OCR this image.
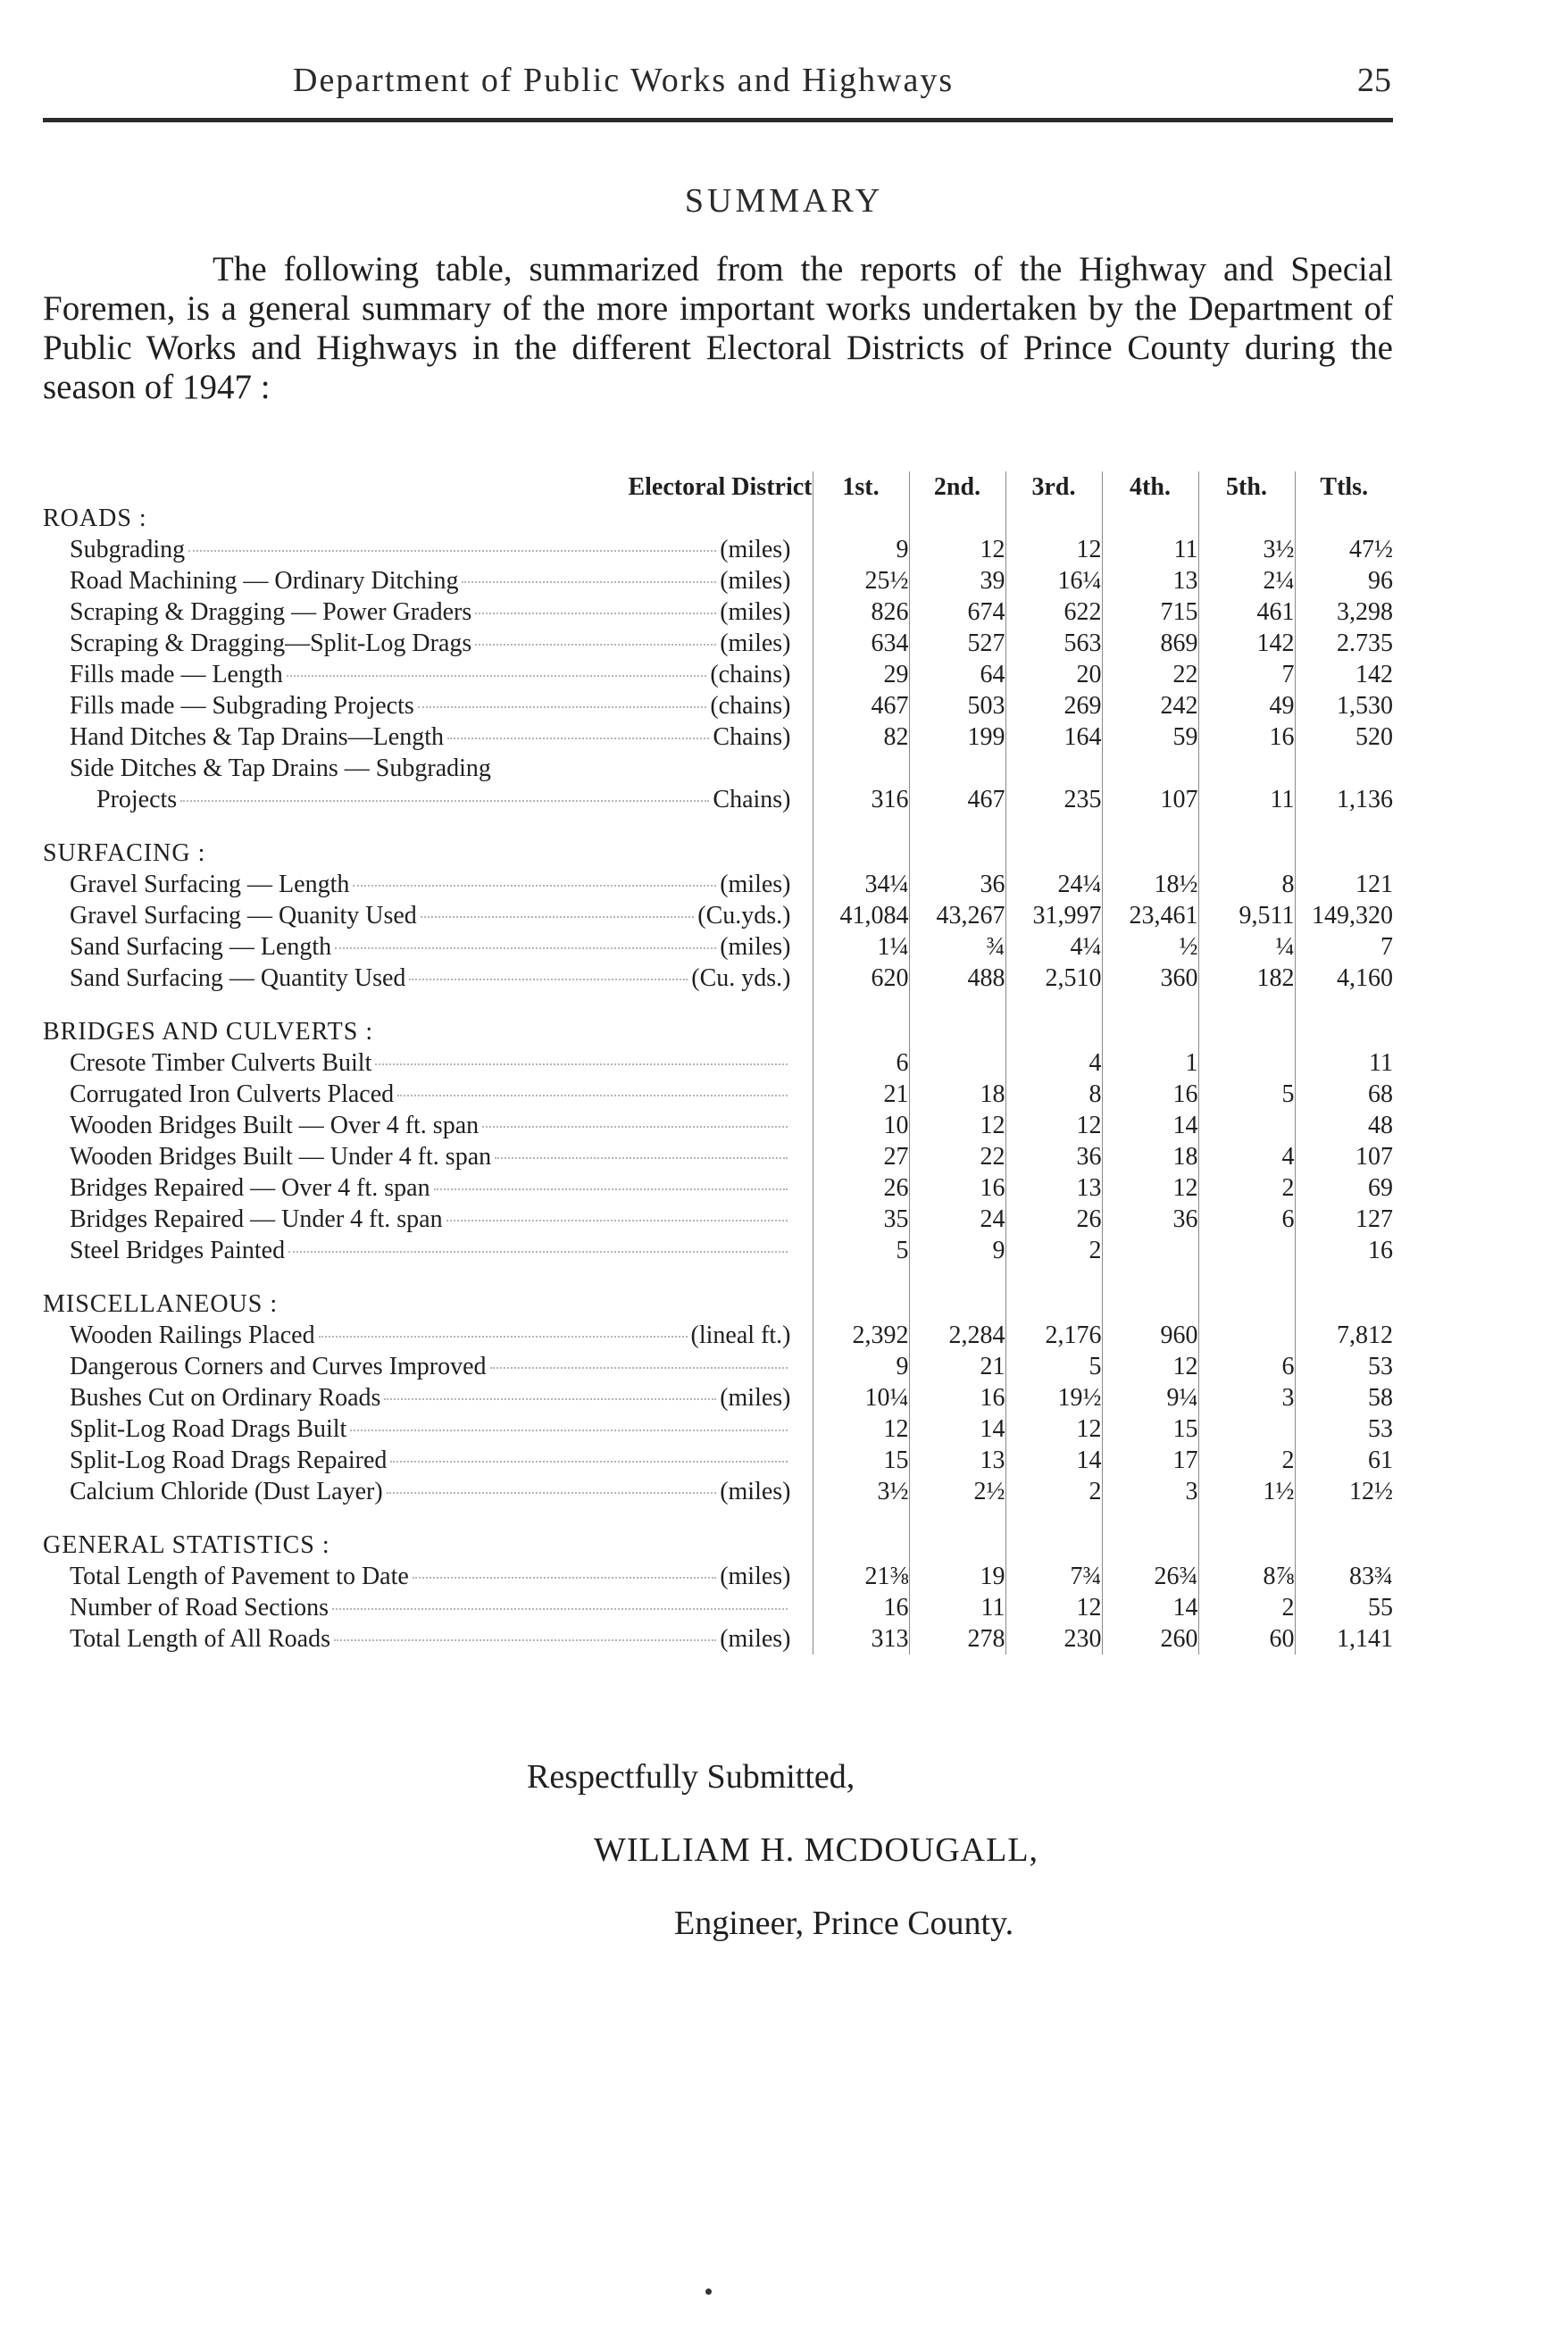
Department of Public Works and Highways	25
SUMMARY
The following table, summarized from the reports of the Highway and Special Foremen, is a general summary of the more important works undertaken by the Department of Public Works and Highways in the different Electoral Districts of Prince County during the season of 1947 :
Electoral District	1st.	2nd.	3rd.	4th.	5th.	Ttls.
ROADS :						

Subgrading (miles)	9	12	12	11	3½	47½

Road Machining — Ordinary Ditching (miles)	25½	39	16¼	13	2¼	96

Scraping & Dragging — Power Graders (miles)	826	674	622	715	461	3,298

Scraping & Dragging—Split-Log Drags (miles)	634	527	563	869	142	2.735

Fills made — Length (chains)	29	64	20	22	7	142

Fills made — Subgrading Projects (chains)	467	503	269	242	49	1,530

Hand Ditches & Tap Drains—Length Chains)	82	199	164	59	16	520

Side Ditches & Tap Drains — Subgrading						

Projects Chains)	316	467	235	107	11	1,136

SURFACING :						

Gravel Surfacing — Length (miles)	34¼	36	24¼	18½	8	121

Gravel Surfacing — Quanity Used (Cu.yds.)	41,084	43,267	31,997	23,461	9,511	149,320

Sand Surfacing — Length (miles)	1¼	¾	4¼	½	¼	7

Sand Surfacing — Quantity Used (Cu. yds.)	620	488	2,510	360	182	4,160

BRIDGES AND CULVERTS :						

Cresote Timber Culverts Built	6		4	1		11

Corrugated Iron Culverts Placed	21	18	8	16	5	68

Wooden Bridges Built — Over 4 ft. span	10	12	12	14		48

Wooden Bridges Built — Under 4 ft. span	27	22	36	18	4	107

Bridges Repaired — Over 4 ft. span	26	16	13	12	2	69

Bridges Repaired — Under 4 ft. span	35	24	26	36	6	127

Steel Bridges Painted	5	9	2			16

MISCELLANEOUS :						

Wooden Railings Placed (lineal ft.)	2,392	2,284	2,176	960		7,812

Dangerous Corners and Curves Improved	9	21	5	12	6	53

Bushes Cut on Ordinary Roads (miles)	10¼	16	19½	9¼	3	58

Split-Log Road Drags Built	12	14	12	15		53

Split-Log Road Drags Repaired	15	13	14	17	2	61

Calcium Chloride (Dust Layer) (miles)	3½	2½	2	3	1½	12½

GENERAL STATISTICS :						

Total Length of Pavement to Date (miles)	21⅜	19	7¾	26¾	8⅞	83¾

Number of Road Sections	16	11	12	14	2	55

Total Length of All Roads (miles)	313	278	230	260	60	1,141
Respectfully Submitted,
WILLIAM H. MCDOUGALL,
Engineer, Prince County.
